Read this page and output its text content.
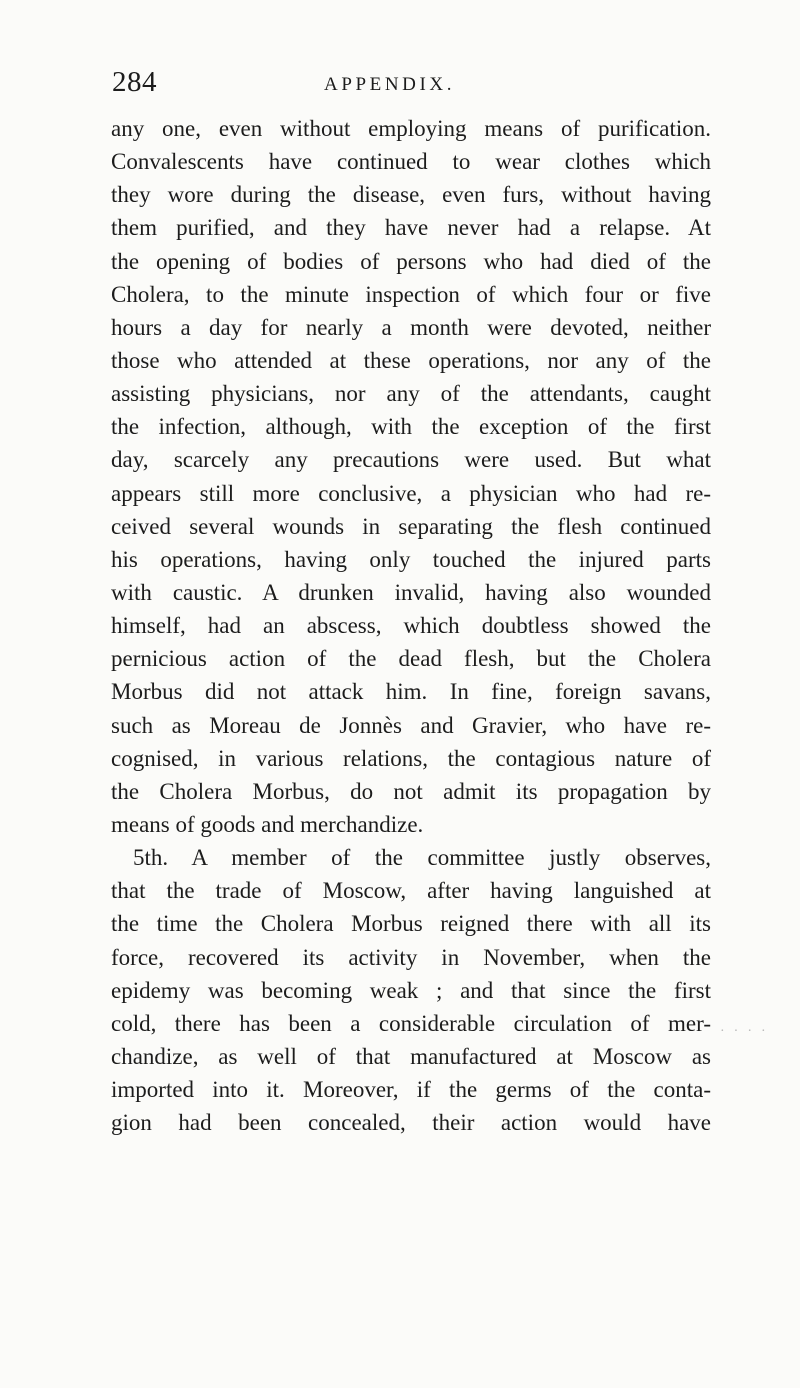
284	APPENDIX.
any one, even without employing means of purification.
Convalescents have continued to wear clothes which
they wore during the disease, even furs, without having
them purified, and they have never had a relapse. At
the opening of bodies of persons who had died of the
Cholera, to the minute inspection of which four or five
hours a day for nearly a month were devoted, neither
those who attended at these operations, nor any of the
assisting physicians, nor any of the attendants, caught
the infection, although, with the exception of the first
day, scarcely any precautions were used. But what
appears still more conclusive, a physician who had re-
ceived several wounds in separating the flesh continued
his operations, having only touched the injured parts
with caustic. A drunken invalid, having also wounded
himself, had an abscess, which doubtless showed the
pernicious action of the dead flesh, but the Cholera
Morbus did not attack him. In fine, foreign savans,
such as Moreau de Jonnès and Gravier, who have re-
cognised, in various relations, the contagious nature of
the Cholera Morbus, do not admit its propagation by
means of goods and merchandize.
5th. A member of the committee justly observes,
that the trade of Moscow, after having languished at
the time the Cholera Morbus reigned there with all its
force, recovered its activity in November, when the
epidemy was becoming weak ; and that since the first
cold, there has been a considerable circulation of mer-
chandize, as well of that manufactured at Moscow as
imported into it. Moreover, if the germs of the conta-
gion had been concealed, their action would have
····
